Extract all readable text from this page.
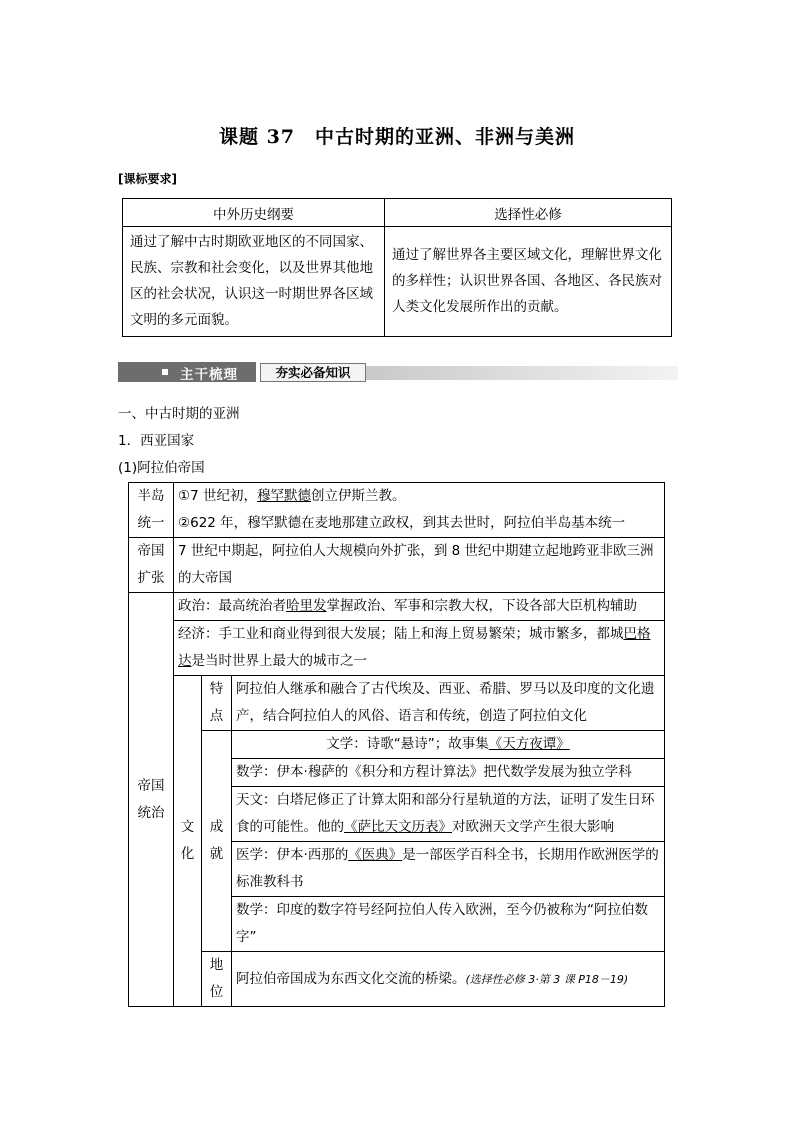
课题 37　中古时期的亚洲、非洲与美洲
[课标要求]
中外历史纲要	选择性必修
通过了解中古时期欧亚地区的不同国家、民族、宗教和社会变化，以及世界其他地区的社会状况，认识这一时期世界各区域文明的多元面貌。	通过了解世界各主要区域文化，理解世界文化的多样性；认识世界各国、各地区、各民族对人类文化发展所作出的贡献。
主干梳理	夯实必备知识
一、中古时期的亚洲
1．西亚国家
(1)阿拉伯帝国
半岛统一	①7 世纪初，穆罕默德创立伊斯兰教。
②622 年，穆罕默德在麦地那建立政权，到其去世时，阿拉伯半岛基本统一		

帝国扩张	7 世纪中期起，阿拉伯人大规模向外扩张，到 8 世纪中期建立起地跨亚非欧三洲的大帝国		
帝国统治	政治：最高统治者哈里发掌握政治、军事和宗教大权，下设各部大臣机构辅助		
	经济：手工业和商业得到很大发展；陆上和海上贸易繁荣；城市繁多，都城巴格达是当时世界上最大的城市之一		
	文化	特点	阿拉伯人继承和融合了古代埃及、西亚、希腊、罗马以及印度的文化遗产，结合阿拉伯人的风俗、语言和传统，创造了阿拉伯文化
		成就	文学：诗歌“悬诗”；故事集《天方夜谭》
			数学：伊本·穆萨的《积分和方程计算法》把代数学发展为独立学科
			天文：白塔尼修正了计算太阳和部分行星轨道的方法，证明了发生日环食的可能性。他的《萨比天文历表》对欧洲天文学产生很大影响
			医学：伊本·西那的《医典》是一部医学百科全书，长期用作欧洲医学的标准教科书
			数学：印度的数字符号经阿拉伯人传入欧洲，至今仍被称为“阿拉伯数字”
		地位	阿拉伯帝国成为东西文化交流的桥梁。(选择性必修 3·第 3 课 P18－19)
